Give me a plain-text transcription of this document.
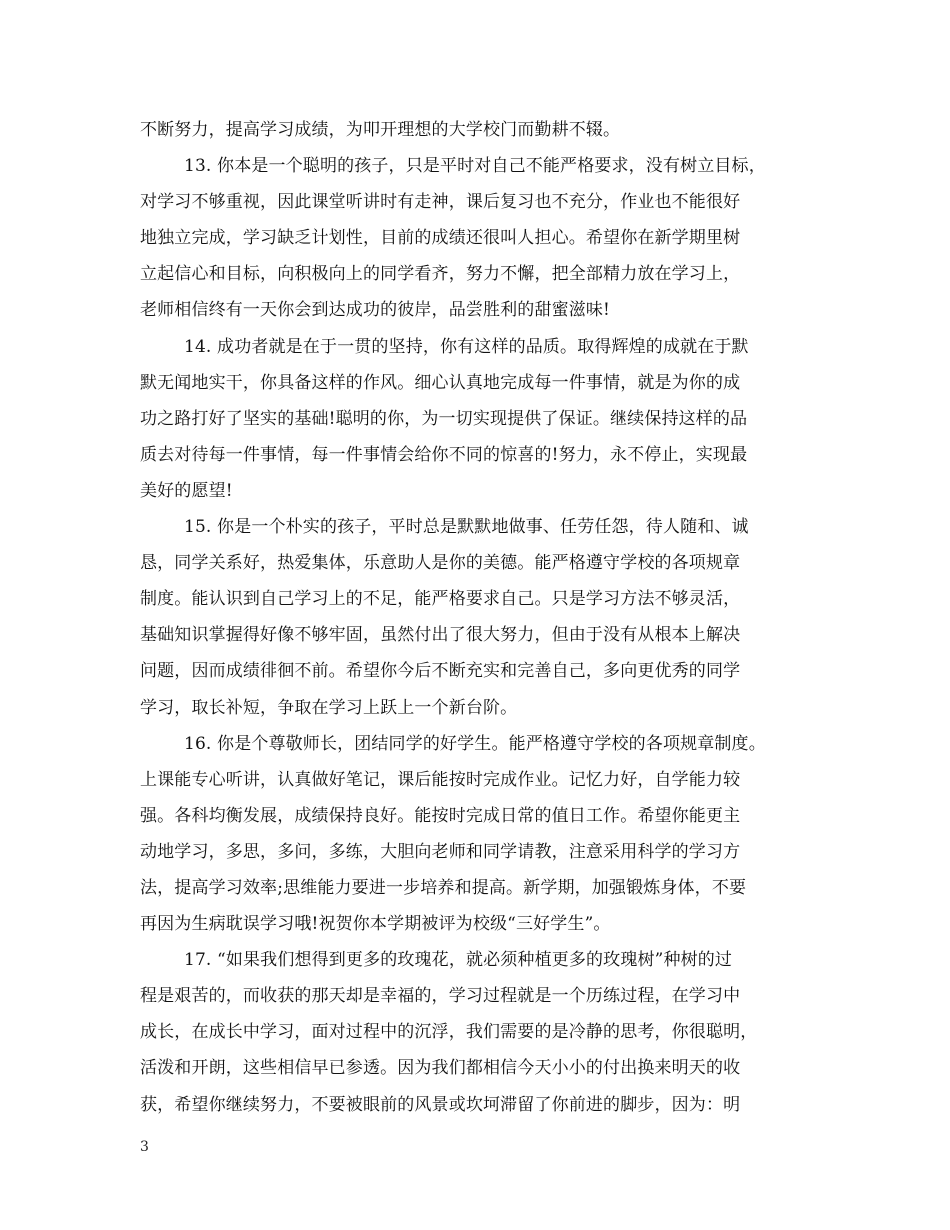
不断努力，提高学习成绩，为叩开理想的大学校门而勤耕不辍。
13. 你本是一个聪明的孩子，只是平时对自己不能严格要求，没有树立目标，
对学习不够重视，因此课堂听讲时有走神，课后复习也不充分，作业也不能很好
地独立完成，学习缺乏计划性，目前的成绩还很叫人担心。希望你在新学期里树
立起信心和目标，向积极向上的同学看齐，努力不懈，把全部精力放在学习上，
老师相信终有一天你会到达成功的彼岸，品尝胜利的甜蜜滋味!
14. 成功者就是在于一贯的坚持，你有这样的品质。取得辉煌的成就在于默
默无闻地实干，你具备这样的作风。细心认真地完成每一件事情，就是为你的成
功之路打好了坚实的基础!聪明的你，为一切实现提供了保证。继续保持这样的品
质去对待每一件事情，每一件事情会给你不同的惊喜的!努力，永不停止，实现最
美好的愿望!
15. 你是一个朴实的孩子，平时总是默默地做事、任劳任怨，待人随和、诚
恳，同学关系好，热爱集体，乐意助人是你的美德。能严格遵守学校的各项规章
制度。能认识到自己学习上的不足，能严格要求自己。只是学习方法不够灵活，
基础知识掌握得好像不够牢固，虽然付出了很大努力，但由于没有从根本上解决
问题，因而成绩徘徊不前。希望你今后不断充实和完善自己，多向更优秀的同学
学习，取长补短，争取在学习上跃上一个新台阶。
16. 你是个尊敬师长，团结同学的好学生。能严格遵守学校的各项规章制度。
上课能专心听讲，认真做好笔记，课后能按时完成作业。记忆力好，自学能力较
强。各科均衡发展，成绩保持良好。能按时完成日常的值日工作。希望你能更主
动地学习，多思，多问，多练，大胆向老师和同学请教，注意采用科学的学习方
法，提高学习效率;思维能力要进一步培养和提高。新学期，加强锻炼身体，不要
再因为生病耽误学习哦!祝贺你本学期被评为校级“三好学生”。
17. “如果我们想得到更多的玫瑰花，就必须种植更多的玫瑰树”种树的过
程是艰苦的，而收获的那天却是幸福的，学习过程就是一个历练过程，在学习中
成长，在成长中学习，面对过程中的沉浮，我们需要的是冷静的思考，你很聪明，
活泼和开朗，这些相信早已参透。因为我们都相信今天小小的付出换来明天的收
获，希望你继续努力，不要被眼前的风景或坎坷滞留了你前进的脚步，因为：明
3
